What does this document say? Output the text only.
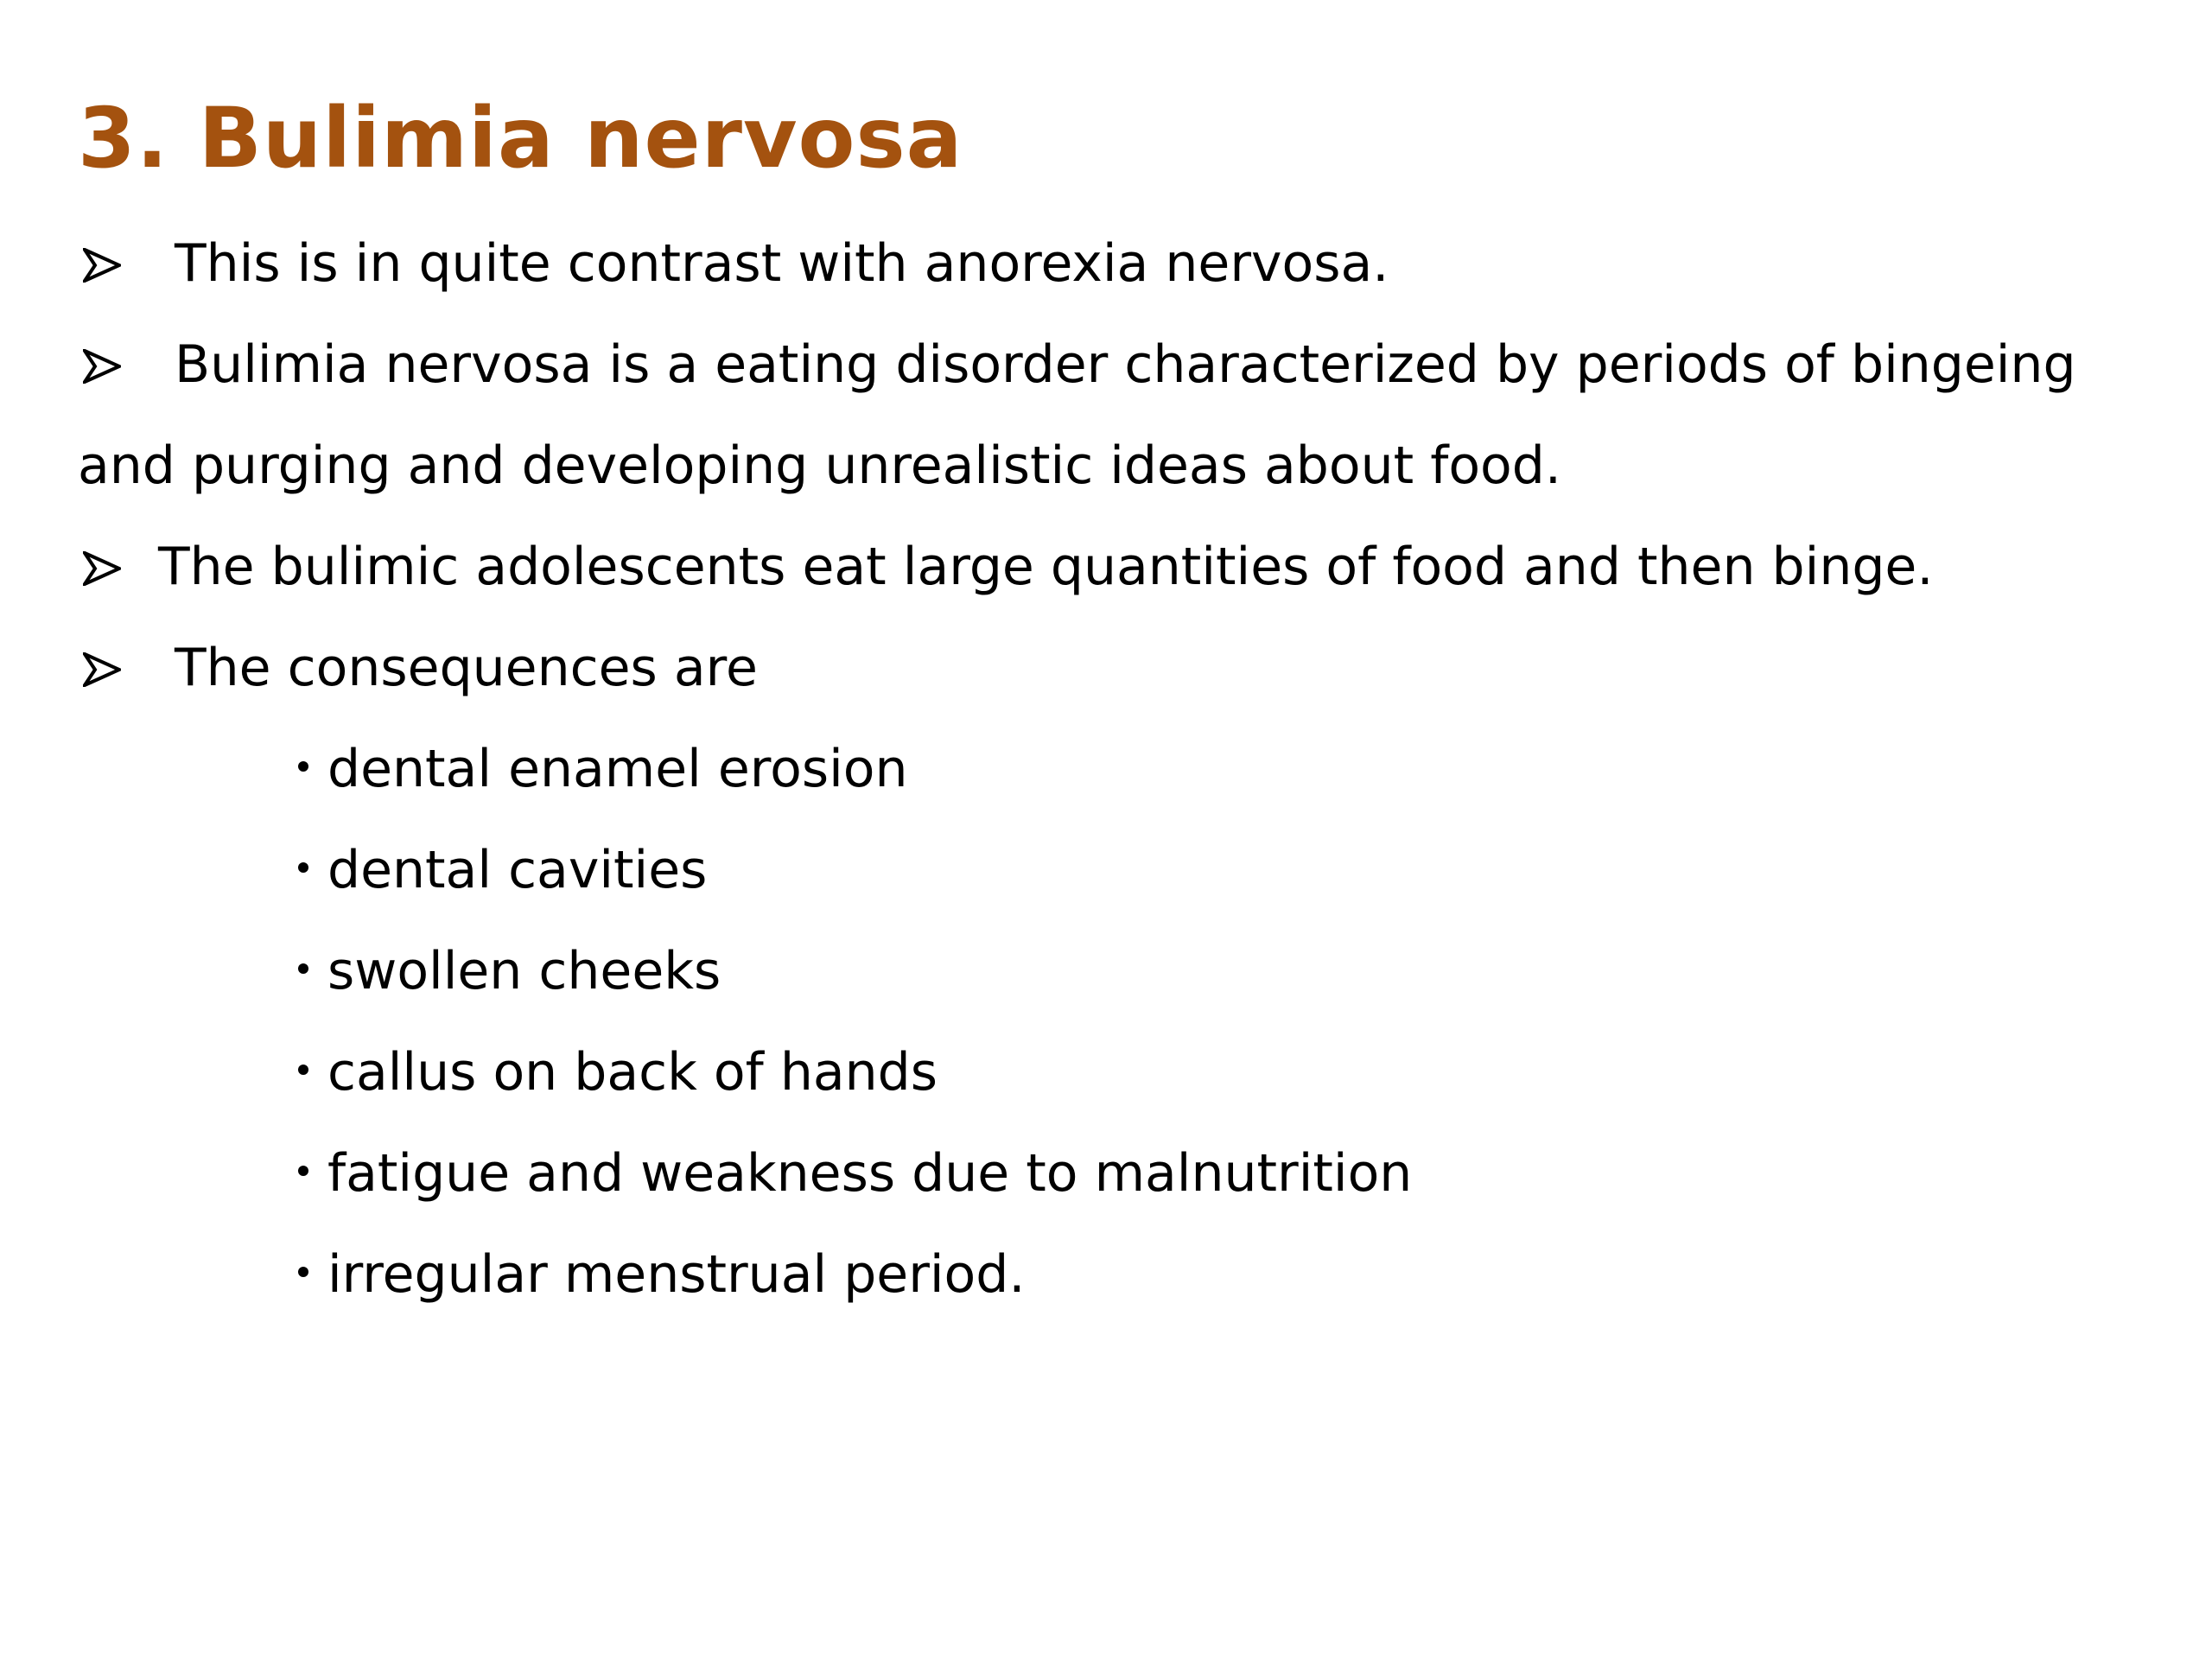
3. Bulimia nervosa
This is in quite contrast with anorexia nervosa.
Bulimia nervosa is a eating disorder characterized by periods of bingeing
and purging and developing unrealistic ideas about food.
The bulimic adolescents eat large quantities of food and then binge.
The consequences are
dental enamel erosion
dental cavities
swollen cheeks
callus on back of hands
fatigue and weakness due to malnutrition
irregular menstrual period.
